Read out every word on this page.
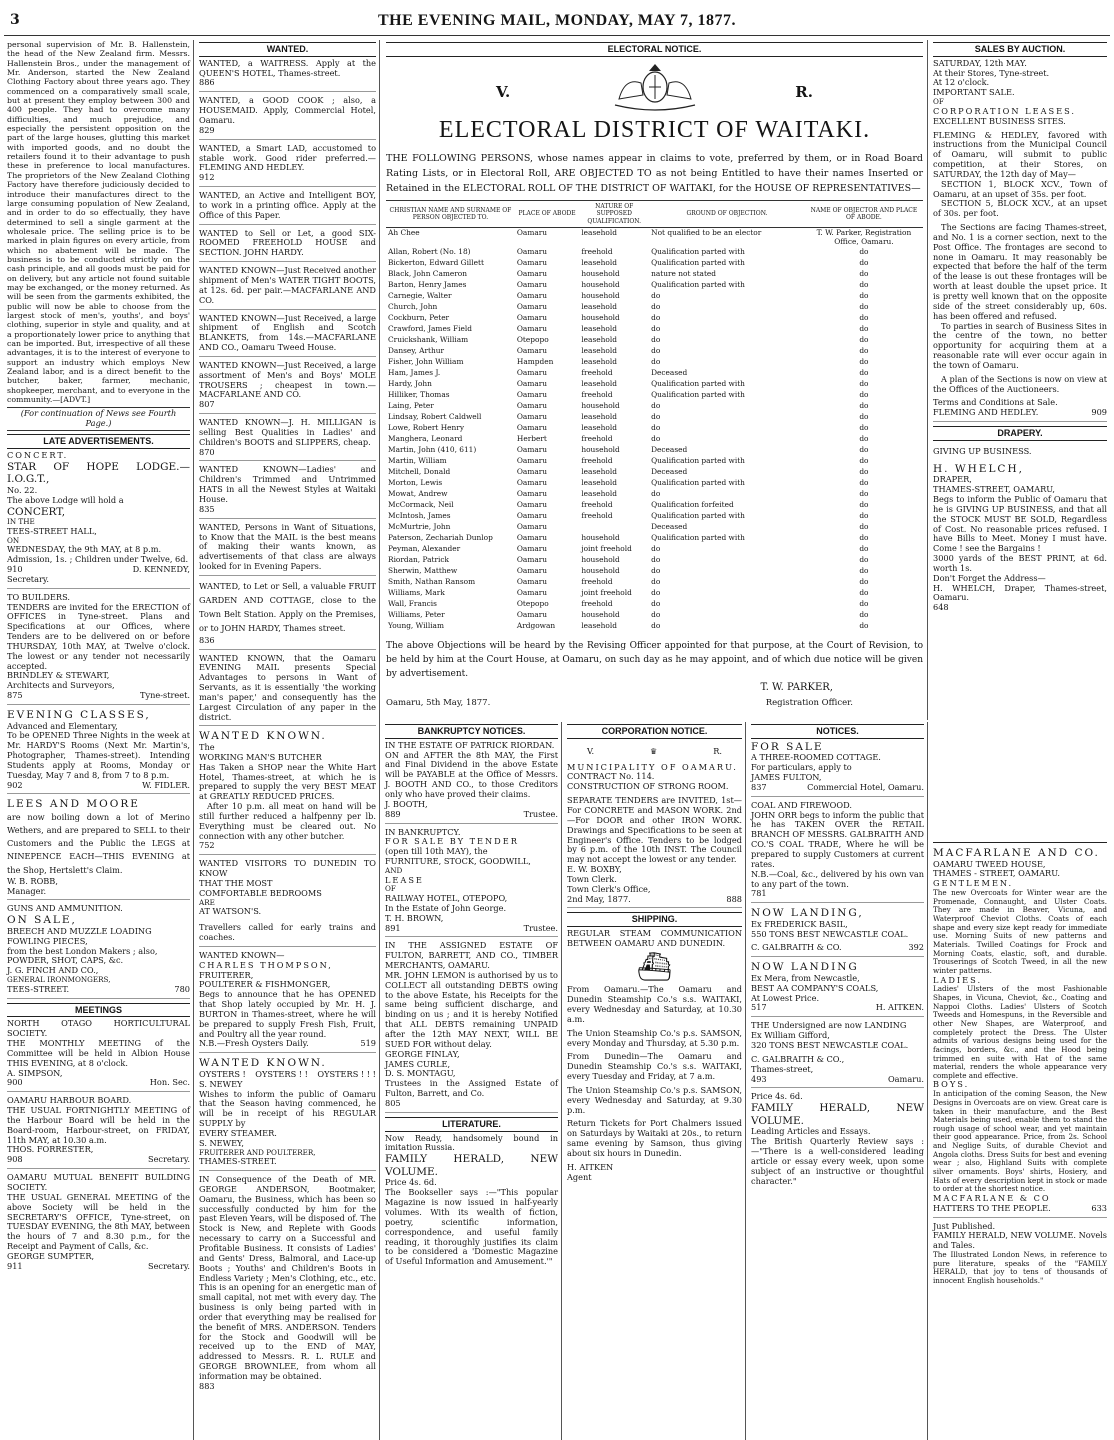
3	THE EVENING MAIL, MONDAY, MAY 7, 1877.

personal supervision of Mr. B. Hallenstein, the head of the New Zealand firm. Messrs. Hallenstein Bros., under the management of Mr. Anderson, started the New Zealand Clothing Factory about three years ago. They commenced on a comparatively small scale, but at present they employ between 300 and 400 people. They had to overcome many difficulties, and much prejudice, and especially the persistent opposition on the part of the large houses, glutting this market with imported goods, and no doubt the retailers found it to their advantage to push these in preference to local manufactures. The proprietors of the New Zealand Clothing Factory have therefore judiciously decided to introduce their manufactures direct to the large consuming population of New Zealand, and in order to do so effectually, they have determined to sell a single garment at the wholesale price. The selling price is to be marked in plain figures on every article, from which no abatement will be made. The business is to be conducted strictly on the cash principle, and all goods must be paid for on delivery, but any article not found suitable may be exchanged, or the money returned. As will be seen from the garments exhibited, the public will now be able to choose from the largest stock of men's, youths', and boys' clothing, superior in style and quality, and at a proportionately lower price to anything that can be imported. But, irrespective of all these advantages, it is to the interest of everyone to support an industry which employs New Zealand labor, and is a direct benefit to the butcher, baker, farmer, mechanic, shopkeeper, merchant, and to everyone in the community.—[ADVT.]

(For continuation of News see Fourth Page.)

LATE ADVERTISEMENTS.

CONCERT.

STAR OF HOPE LODGE.—I.O.G.T.,

No. 22.

The above Lodge will hold a

CONCERT,

IN THE

TEES-STREET HALL,

ON

WEDNESDAY, the 9th MAY, at 8 p.m.

Admission, 1s. ; Children under Twelve, 6d.

910	D. KENNEDY,

Secretary.

TO BUILDERS.

TENDERS are invited for the ERECTION of OFFICES in Tyne-street. Plans and Specifications at our Offices, where Tenders are to be delivered on or before THURSDAY, 10th MAY, at Twelve o'clock. The lowest or any tender not necessarily accepted.

BRINDLEY & STEWART,

Architects and Surveyors,

875	Tyne-street.

EVENING CLASSES,

Advanced and Elementary,

To be OPENED Three Nights in the week at Mr. HARDY'S Rooms (Next Mr. Martin's, Photographer, Thames-street). Intending Students apply at Rooms, Monday or Tuesday, May 7 and 8, from 7 to 8 p.m.

902	W. FIDLER.

LEES AND MOORE

are now boiling down a lot of Merino Wethers, and are prepared to SELL to their Customers and the Public the LEGS at NINEPENCE EACH—THIS EVENING at the Shop, Hertslett's Claim.

W. B. ROBB,

Manager.

GUNS AND AMMUNITION.

ON SALE,

BREECH AND MUZZLE LOADING

FOWLING PIECES,

from the best London Makers ; also,

POWDER, SHOT, CAPS, &c.

J. G. FINCH AND CO.,

GENERAL IRONMONGERS,

TEES-STREET.	780
MEETINGS

NORTH OTAGO HORTICULTURAL SOCIETY.

THE MONTHLY MEETING of the Committee will be held in Albion House THIS EVENING, at 8 o'clock.

A. SIMPSON,

900	Hon. Sec.

OAMARU HARBOUR BOARD.

THE USUAL FORTNIGHTLY MEETING of the Harbour Board will be held in the Board-room, Harbour-street, on FRIDAY, 11th MAY, at 10.30 a.m.

THOS. FORRESTER,

908	Secretary.

OAMARU MUTUAL BENEFIT BUILDING SOCIETY.

THE USUAL GENERAL MEETING of the above Society will be held in the SECRETARY'S OFFICE, Tyne-street, on TUESDAY EVENING, the 8th MAY, between the hours of 7 and 8.30 p.m., for the Receipt and Payment of Calls, &c.

GEORGE SUMPTER,

911	Secretary.
WANTED.

WANTED, a WAITRESS. Apply at the QUEEN'S HOTEL, Thames-street.

886

WANTED, a GOOD COOK ; also, a HOUSEMAID. Apply, Commercial Hotel, Oamaru.

829

WANTED, a Smart LAD, accustomed to stable work. Good rider preferred.—FLEMING AND HEDLEY.

912

WANTED, an Active and Intelligent BOY, to work in a printing office. Apply at the Office of this Paper.

WANTED to Sell or Let, a good SIX-ROOMED FREEHOLD HOUSE and SECTION. JOHN HARDY.

WANTED KNOWN—Just Received another shipment of Men's WATER TIGHT BOOTS, at 12s. 6d. per pair.—MACFARLANE AND CO.

WANTED KNOWN—Just Received, a large shipment of English and Scotch BLANKETS, from 14s.—MACFARLANE AND CO., Oamaru Tweed House.

WANTED KNOWN—Just Received, a large assortment of Men's and Boys' MOLE TROUSERS ; cheapest in town.—MACFARLANE AND CO.

807

WANTED KNOWN—J. H. MILLIGAN is selling Best Qualities in Ladies' and Children's BOOTS and SLIPPERS, cheap.

870

WANTED KNOWN—Ladies' and Children's Trimmed and Untrimmed HATS in all the Newest Styles at Waitaki House.

835

WANTED, Persons in Want of Situations, to Know that the MAIL is the best means of making their wants known, as advertisements of that class are always looked for in Evening Papers.

WANTED, to Let or Sell, a valuable FRUIT GARDEN AND COTTAGE, close to the Town Belt Station. Apply on the Premises, or to JOHN HARDY, Thames street.

836

WANTED KNOWN, that the Oamaru EVENING MAIL presents Special Advantages to persons in Want of Servants, as it is essentially 'the working man's paper,' and consequently has the Largest Circulation of any paper in the district.

WANTED KNOWN.

The

WORKING MAN'S BUTCHER

Has Taken a SHOP near the White Hart Hotel, Thames-street, at which he is prepared to supply the very BEST MEAT at GREATLY REDUCED PRICES.

After 10 p.m. all meat on hand will be still further reduced a halfpenny per lb. Everything must be cleared out. No connection with any other butcher.

752

WANTED VISITORS TO DUNEDIN TO KNOW

THAT THE MOST

COMFORTABLE BEDROOMS

ARE

AT WATSON'S.

Travellers called for early trains and coaches.

WANTED KNOWN—

CHARLES THOMPSON,

FRUITERER,

POULTERER & FISHMONGER,

Begs to announce that he has OPENED that Shop lately occupied by Mr. H. J. BURTON in Thames-street, where he will be prepared to supply Fresh Fish, Fruit, and Poultry all the year round.

N.B.—Fresh Oysters Daily.	519

WANTED KNOWN.

OYSTERS ! OYSTERS ! ! OYSTERS ! ! !

S. NEWEY

Wishes to inform the public of Oamaru that the Season having commenced, he will be in receipt of his REGULAR SUPPLY by

EVERY STEAMER.

S. NEWEY,

FRUITERER AND POULTERER,

THAMES-STREET.

IN Consequence of the Death of MR. GEORGE ANDERSON, Bootmaker, Oamaru, the Business, which has been so successfully conducted by him for the past Eleven Years, will be disposed of. The Stock is New, and Replete with Goods necessary to carry on a Successful and Profitable Business. It consists of Ladies' and Gents' Dress, Balmoral, and Lace-up Boots ; Youths' and Children's Boots in Endless Variety ; Men's Clothing, etc., etc. This is an opening for an energetic man of small capital, not met with every day. The business is only being parted with in order that everything may be realised for the benefit of MRS. ANDERSON. Tenders for the Stock and Goodwill will be received up to the END of MAY, addressed to Messrs. R. L. RULE and GEORGE BROWNLEE, from whom all information may be obtained.

883

ELECTORAL NOTICE.
V.	R.
ELECTORAL DISTRICT OF WAITAKI.

THE FOLLOWING PERSONS, whose names appear in claims to vote, preferred by them, or in Road Board Rating Lists, or in Electoral Roll, ARE OBJECTED TO as not being Entitled to have their names Inserted or Retained in the ELECTORAL ROLL OF THE DISTRICT OF WAITAKI, for the HOUSE OF REPRESENTATIVES—

CHRISTIAN NAME AND SURNAME OF PERSON OBJECTED TO.	PLACE OF ABODE	NATURE OF SUPPOSED QUALIFICATION.	GROUND OF OBJECTION.	NAME OF OBJECTOR AND PLACE OF ABODE.
Ah Chee	Oamaru	leasehold	Not qualified to be an elector	T. W. Parker, Registration Office, Oamaru.
Allan, Robert (No. 18)	Oamaru	freehold	Qualification parted with	do
Bickerton, Edward Gillett	Oamaru	leasehold	Qualification parted with	do
Black, John Cameron	Oamaru	household	nature not stated	do
Barton, Henry James	Oamaru	household	Qualification parted with	do
Carnegie, Walter	Oamaru	household	do	do
Church, John	Oamaru	leasehold	do	do
Cockburn, Peter	Oamaru	household	do	do
Crawford, James Field	Oamaru	leasehold	do	do
Cruickshank, William	Otepopo	leasehold	do	do
Dansey, Arthur	Oamaru	leasehold	do	do
Fisher, John William	Hampden	leasehold	do	do
Ham, James J.	Oamaru	freehold	Deceased	do
Hardy, John	Oamaru	leasehold	Qualification parted with	do
Hilliker, Thomas	Oamaru	freehold	Qualification parted with	do
Laing, Peter	Oamaru	household	do	do
Lindsay, Robert Caldwell	Oamaru	leasehold	do	do
Lowe, Robert Henry	Oamaru	leasehold	do	do
Manghera, Leonard	Herbert	freehold	do	do
Martin, John (410, 611)	Oamaru	household	Deceased	do
Martin, William	Oamaru	freehold	Qualification parted with	do
Mitchell, Donald	Oamaru	leasehold	Deceased	do
Morton, Lewis	Oamaru	leasehold	Qualification parted with	do
Mowat, Andrew	Oamaru	leasehold	do	do
McCormack, Neil	Oamaru	freehold	Qualification forfeited	do
McIntosh, James	Oamaru	freehold	Qualification parted with	do
McMurtrie, John	Oamaru		Deceased	do
Paterson, Zechariah Dunlop	Oamaru	household	Qualification parted with	do
Peyman, Alexander	Oamaru	joint freehold	do	do
Riordan, Patrick	Oamaru	household	do	do
Sherwin, Matthew	Oamaru	household	do	do
Smith, Nathan Ransom	Oamaru	freehold	do	do
Williams, Mark	Oamaru	joint freehold	do	do
Wall, Francis	Otepopo	freehold	do	do
Williams, Peter	Oamaru	household	do	do
Young, William	Ardgowan	leasehold	do	do

The above Objections will be heard by the Revising Officer appointed for that purpose, at the Court of Revision, to be held by him at the Court House, at Oamaru, on such day as he may appoint, and of which due notice will be given by advertisement.

T. W. PARKER,

Oamaru, 5th May, 1877.	Registration Officer.
BANKRUPTCY NOTICES.

IN THE ESTATE OF PATRICK RIORDAN.

ON and AFTER the 8th MAY, the First and Final Dividend in the above Estate will be PAYABLE at the Office of Messrs. J. BOOTH AND CO., to those Creditors only who have proved their claims.

J. BOOTH,

889	Trustee.

IN BANKRUPTCY.

FOR SALE BY TENDER

(open till 10th MAY), the

FURNITURE, STOCK, GOODWILL,

AND

LEASE

OF

RAILWAY HOTEL, OTEPOPO,

In the Estate of John George.

T. H. BROWN,

891	Trustee.

IN THE ASSIGNED ESTATE OF FULTON, BARRETT, AND CO., TIMBER MERCHANTS, OAMARU.

MR. JOHN LEMON is authorised by us to COLLECT all outstanding DEBTS owing to the above Estate, his Receipts for the same being sufficient discharge, and binding on us ; and it is hereby Notified that ALL DEBTS remaining UNPAID after the 12th MAY NEXT, WILL BE SUED FOR without delay.

GEORGE FINLAY,

JAMES CURLE,

D. S. MONTAGU,

Trustees in the Assigned Estate of Fulton, Barrett, and Co.

805

LITERATURE.

Now Ready, handsomely bound in imitation Russia.

FAMILY HERALD, NEW VOLUME.

Price 4s. 6d.

The Bookseller says :—"This popular Magazine is now issued in half-yearly volumes. With its wealth of fiction, poetry, scientific information, correspondence, and useful family reading, it thoroughly justifies its claim to be considered a 'Domestic Magazine of Useful Information and Amusement.'"

CORPORATION NOTICE.
V.	♛	R.

MUNICIPALITY OF OAMARU.

CONTRACT No. 114.

CONSTRUCTION OF STRONG ROOM.

SEPARATE TENDERS are INVITED, 1st—For CONCRETE and MASON WORK. 2nd—For DOOR and other IRON WORK. Drawings and Specifications to be seen at Engineer's Office. Tenders to be lodged by 6 p.m. of the 10th INST. The Council may not accept the lowest or any tender.

E. W. BOXBY,

Town Clerk.

Town Clerk's Office,

2nd May, 1877.	888
SHIPPING.

REGULAR STEAM COMMUNICATION BETWEEN OAMARU AND DUNEDIN.

⛴

From Oamaru.—The Oamaru and Dunedin Steamship Co.'s s.s. WAITAKI, every Wednesday and Saturday, at 10.30 a.m.

The Union Steamship Co.'s p.s. SAMSON, every Monday and Thursday, at 5.30 p.m.

From Dunedin—The Oamaru and Dunedin Steamship Co.'s s.s. WAITAKI, every Tuesday and Friday, at 7 a.m.

The Union Steamship Co.'s p.s. SAMSON, every Wednesday and Saturday, at 9.30 p.m.

Return Tickets for Port Chalmers issued on Saturdays by Waitaki at 20s., to return same evening by Samson, thus giving about six hours in Dunedin.

H. AITKEN

Agent

NOTICES.

FOR SALE

A THREE-ROOMED COTTAGE.

For particulars, apply to

JAMES FULTON,

837	Commercial Hotel, Oamaru.

COAL AND FIREWOOD.

JOHN ORR begs to inform the public that he has TAKEN OVER the RETAIL BRANCH OF MESSRS. GALBRAITH AND CO.'S COAL TRADE, Where he will be prepared to supply Customers at current rates.

N.B.—Coal, &c., delivered by his own van to any part of the town.

781

NOW LANDING,

Ex FREDERICK BASIL,

550 TONS BEST NEWCASTLE COAL.

C. GALBRAITH & CO.	392

NOW LANDING

Ex Mera, from Newcastle,

BEST AA COMPANY'S COALS,

At Lowest Price.

517	H. AITKEN.

THE Undersigned are now LANDING

Ex William Gifford,

320 TONS BEST NEWCASTLE COAL.

C. GALBRAITH & CO.,

Thames-street,

493	Oamaru.

Price 4s. 6d.

FAMILY HERALD, NEW VOLUME.

Leading Articles and Essays.

The British Quarterly Review says :—"There is a well-considered leading article or essay every week, upon some subject of an instructive or thoughtful character."

SALES BY AUCTION.

SATURDAY, 12th MAY.

At their Stores, Tyne-street.

At 12 o'clock.

IMPORTANT SALE.

OF

CORPORATION LEASES.

EXCELLENT BUSINESS SITES.

FLEMING & HEDLEY, favored with instructions from the Municipal Council of Oamaru, will submit to public competition, at their Stores, on SATURDAY, the 12th day of May—

SECTION 1, BLOCK XCV., Town of Oamaru, at an upset of 35s. per foot.

SECTION 5, BLOCK XCV., at an upset of 30s. per foot.

The Sections are facing Thames-street, and No. 1 is a corner section, next to the Post Office. The frontages are second to none in Oamaru. It may reasonably be expected that before the half of the term of the lease is out these frontages will be worth at least double the upset price. It is pretty well known that on the opposite side of the street considerably up, 60s. has been offered and refused.

To parties in search of Business Sites in the centre of the town, no better opportunity for acquiring them at a reasonable rate will ever occur again in the town of Oamaru.

A plan of the Sections is now on view at the Offices of the Auctioneers.

Terms and Conditions at Sale.

FLEMING AND HEDLEY.	909
DRAPERY.

GIVING UP BUSINESS.

H. WHELCH,

DRAPER,

THAMES-STREET, OAMARU,

Begs to inform the Public of Oamaru that he is GIVING UP BUSINESS, and that all the STOCK MUST BE SOLD, Regardless of Cost. No reasonable prices refused. I have Bills to Meet. Money I must have. Come ! see the Bargains !

3000 yards of the BEST PRINT, at 6d. worth 1s.

Don't Forget the Address—

H. WHELCH, Draper, Thames-street, Oamaru.

648

MACFARLANE AND CO.

OAMARU TWEED HOUSE,

THAMES - STREET, OAMARU.

GENTLEMEN.

The new Overcoats for Winter wear are the Promenade, Connaught, and Ulster Coats. They are made in Beaver, Vicuna, and Waterproof Cheviot Cloths. Coats of each shape and every size kept ready for immediate use. Morning Suits of new patterns and Materials. Twilled Coatings for Frock and Morning Coats, elastic, soft, and durable. Trouserings of Scotch Tweed, in all the new winter patterns.

LADIES.

Ladies' Ulsters of the most Fashionable Shapes, in Vicuna, Cheviot, &c., Coating and Nappoi Cloths. Ladies' Ulsters of Scotch Tweeds and Homespuns, in the Reversible and other New Shapes, are Waterproof, and completely protect the Dress. The Ulster admits of various designs being used for the facings, borders, &c., and the Hood being trimmed en suite with Hat of the same material, renders the whole appearance very complete and effective.

BOYS.

In anticipation of the coming Season, the New Designs in Overcoats are on view. Great care is taken in their manufacture, and the Best Materials being used, enable them to stand the rough usage of school wear, and yet maintain their good appearance. Price, from 2s. School and Neglige Suits, of durable Cheviot and Angola cloths. Dress Suits for best and evening wear ; also, Highland Suits with complete silver ornaments. Boys' shirts, Hosiery, and Hats of every description kept in stock or made to order at the shortest notice.

MACFARLANE & CO

HATTERS TO THE PEOPLE.	633

Just Published.

FAMILY HERALD, NEW VOLUME. Novels and Tales.

The Illustrated London News, in reference to pure literature, speaks of the "FAMILY HERALD, that joy to tens of thousands of innocent English households."
